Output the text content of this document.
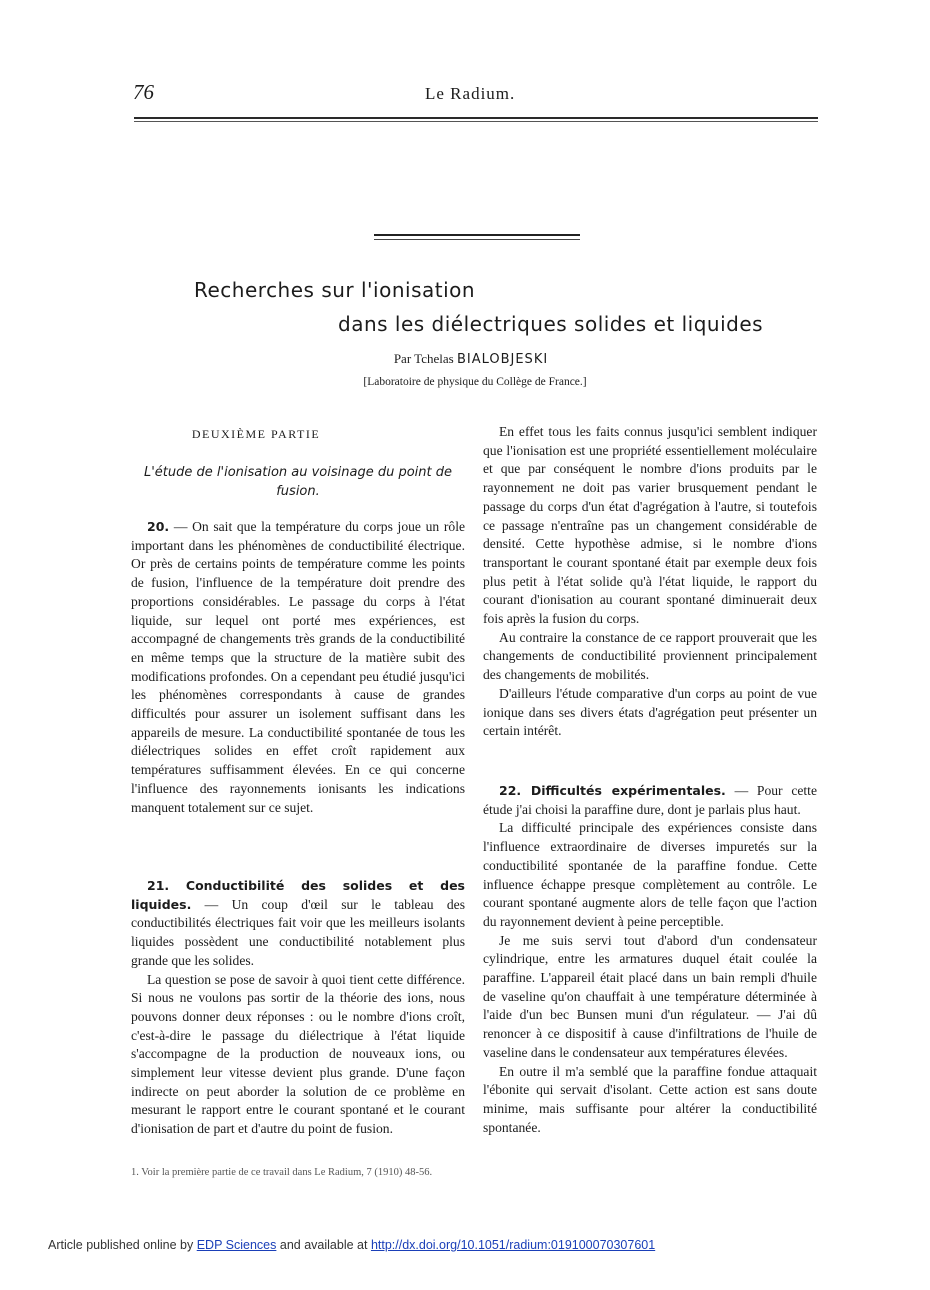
76	Le Radium.
Recherches sur l'ionisation
dans les diélectriques solides et liquides
Par Tchelas BIALOBJESKI
[Laboratoire de physique du Collège de France.]
DEUXIÈME PARTIE
L'étude de l'ionisation au voisinage du point de fusion.

20. — On sait que la température du corps joue un rôle important dans les phénomènes de conductibilité électrique. Or près de certains points de température comme les points de fusion, l'influence de la température doit prendre des proportions considérables. Le passage du corps à l'état liquide, sur lequel ont porté mes expériences, est accompagné de changements très grands de la conductibilité en même temps que la structure de la matière subit des modifications profondes. On a cependant peu étudié jusqu'ici les phénomènes correspondants à cause de grandes difficultés pour assurer un isolement suffisant dans les appareils de mesure. La conductibilité spontanée de tous les diélectriques solides en effet croît rapidement aux températures suffisamment élevées. En ce qui concerne l'influence des rayonnements ionisants les indications manquent totalement sur ce sujet.

21. Conductibilité des solides et des liquides. — Un coup d'œil sur le tableau des conductibilités électriques fait voir que les meilleurs isolants liquides possèdent une conductibilité notablement plus grande que les solides.

La question se pose de savoir à quoi tient cette différence. Si nous ne voulons pas sortir de la théorie des ions, nous pouvons donner deux réponses : ou le nombre d'ions croît, c'est-à-dire le passage du diélectrique à l'état liquide s'accompagne de la production de nouveaux ions, ou simplement leur vitesse devient plus grande. D'une façon indirecte on peut aborder la solution de ce problème en mesurant le rapport entre le courant spontané et le courant d'ionisation de part et d'autre du point de fusion.

1. Voir la première partie de ce travail dans Le Radium, 7 (1910) 48-56.

En effet tous les faits connus jusqu'ici semblent indiquer que l'ionisation est une propriété essentiellement moléculaire et que par conséquent le nombre d'ions produits par le rayonnement ne doit pas varier brusquement pendant le passage du corps d'un état d'agrégation à l'autre, si toutefois ce passage n'entraîne pas un changement considérable de densité. Cette hypothèse admise, si le nombre d'ions transportant le courant spontané était par exemple deux fois plus petit à l'état solide qu'à l'état liquide, le rapport du courant d'ionisation au courant spontané diminuerait deux fois après la fusion du corps.

Au contraire la constance de ce rapport prouverait que les changements de conductibilité proviennent principalement des changements de mobilités.

D'ailleurs l'étude comparative d'un corps au point de vue ionique dans ses divers états d'agrégation peut présenter un certain intérêt.

22. Difficultés expérimentales. — Pour cette étude j'ai choisi la paraffine dure, dont je parlais plus haut.

La difficulté principale des expériences consiste dans l'influence extraordinaire de diverses impuretés sur la conductibilité spontanée de la paraffine fondue. Cette influence échappe presque complètement au contrôle. Le courant spontané augmente alors de telle façon que l'action du rayonnement devient à peine perceptible.

Je me suis servi tout d'abord d'un condensateur cylindrique, entre les armatures duquel était coulée la paraffine. L'appareil était placé dans un bain rempli d'huile de vaseline qu'on chauffait à une température déterminée à l'aide d'un bec Bunsen muni d'un régulateur. — J'ai dû renoncer à ce dispositif à cause d'infiltrations de l'huile de vaseline dans le condensateur aux températures élevées.

En outre il m'a semblé que la paraffine fondue attaquait l'ébonite qui servait d'isolant. Cette action est sans doute minime, mais suffisante pour altérer la conductibilité spontanée.

Article published online by EDP Sciences and available at http://dx.doi.org/10.1051/radium:019100070307601
